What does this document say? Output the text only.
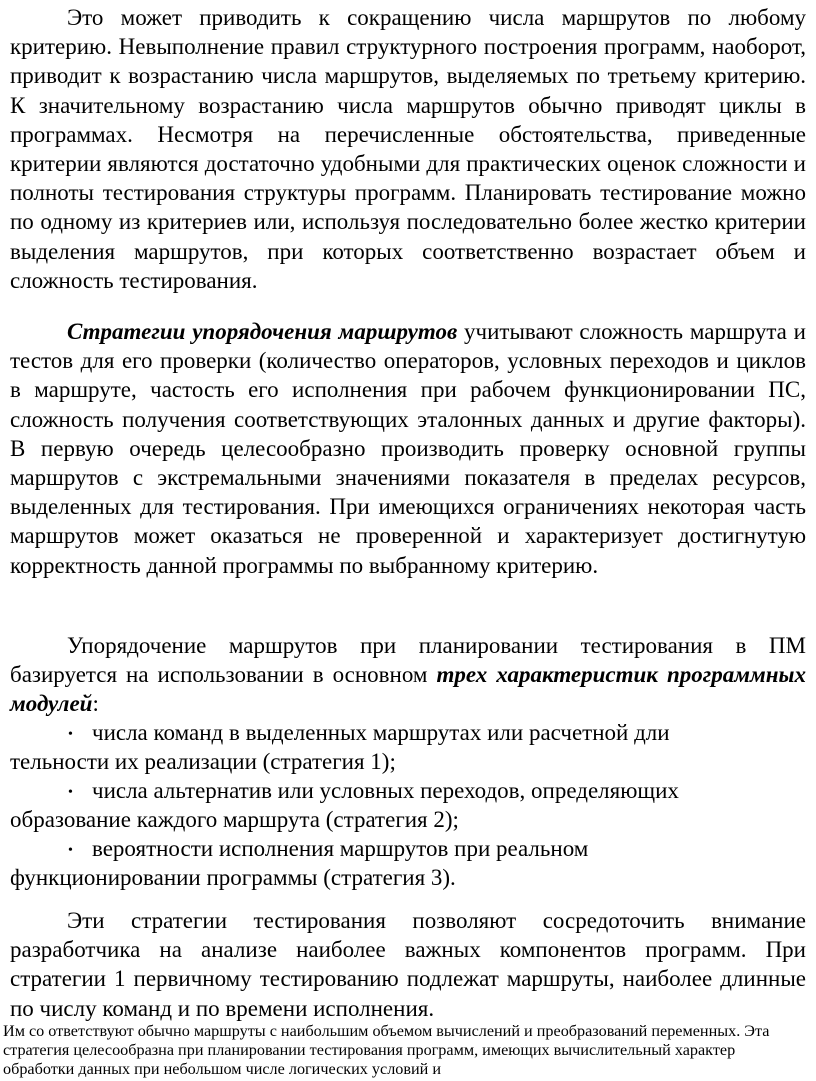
Это может приводить к сокращению числа маршрутов по любому критерию. Невыполнение правил структурного построения программ, наоборот, приводит к возрастанию числа маршрутов, выделяемых по третьему критерию. К значительному возрастанию числа маршрутов обычно приводят циклы в программах. Несмотря на перечисленные обстоятельства, приведенные критерии являются достаточно удобными для практических оценок сложности и полноты тестирования структуры программ. Планировать тестирование можно по одному из критериев или, используя последовательно более жестко критерии выделения маршрутов, при которых соответственно возрастает объем и сложность тестирования.

Стратегии упорядочения маршрутов учитывают сложность маршрута и тестов для его проверки (количество операторов, условных переходов и циклов в маршруте, частость его исполнения при рабочем функционировании ПС, сложность получения соответствующих эталонных данных и другие факторы). В первую очередь целесообразно производить проверку основной группы маршрутов с экстремальными значениями показателя в пределах ресурсов, выделенных для тестирования. При имеющихся ограничениях некоторая часть маршрутов может оказаться не проверенной и характеризует достигнутую корректность данной программы по выбранному критерию.

Упорядочение маршрутов при планировании тестирования в ПМ базируется на использовании в основном трех характеристик программных модулей:

• числа команд в выделенных маршрутах или расчетной дли
тельности их реализации (стратегия 1);
• числа альтернатив или условных переходов, определяющих
образование каждого маршрута (стратегия 2);
• вероятности исполнения маршрутов при реальном
функционировании программы (стратегия 3).

Эти стратегии тестирования позволяют сосредоточить внимание разработчика на анализе наиболее важных компонентов программ. При стратегии 1 первичному тестированию подлежат маршруты, наиболее длинные по числу команд и по времени исполнения.

Им со ответствуют обычно маршруты с наибольшим объемом вычислений и преобразований переменных. Эта
стратегия целесообразна при планировании тестирования программ, имеющих вычислительный характер
обработки данных при небольшом числе логических условий и
